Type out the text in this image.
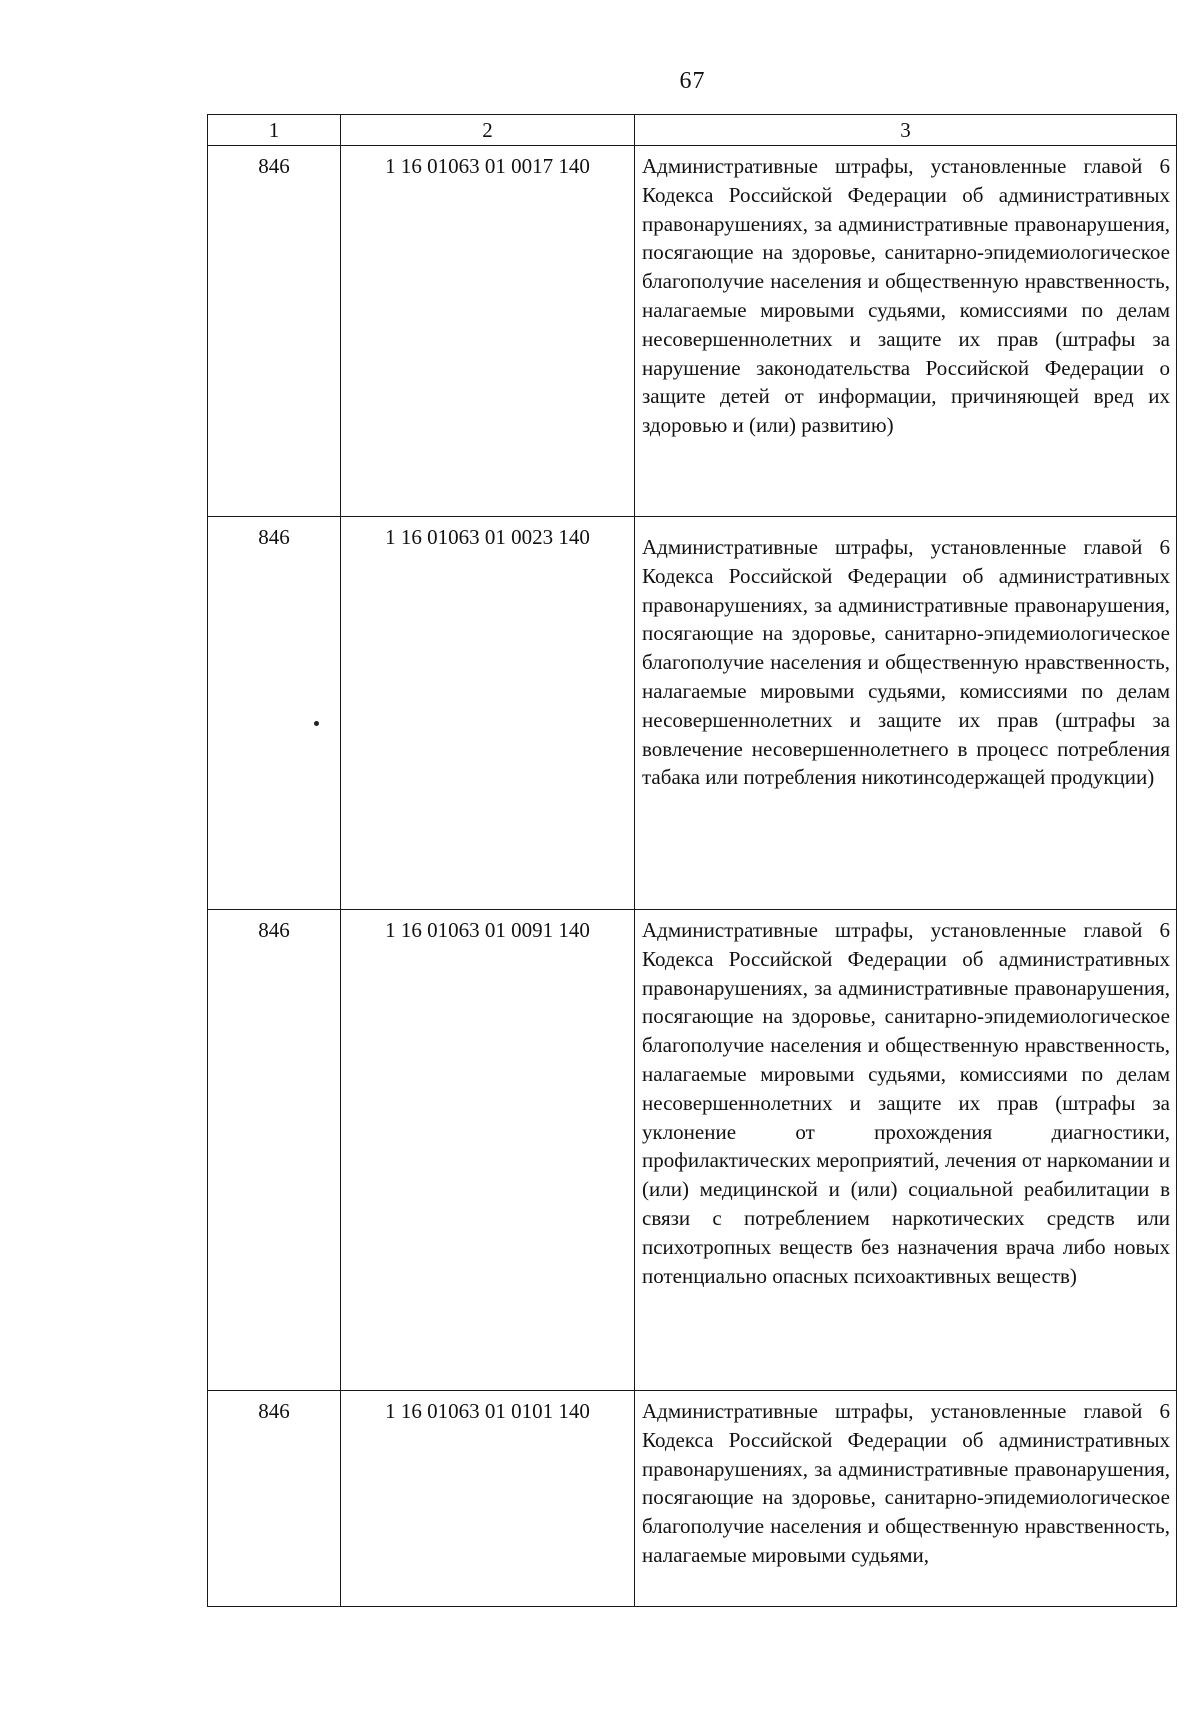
67
1	2	3
846	1 16 01063 01 0017 140	Административные штрафы, установленные главой 6 Кодекса Российской Федерации об административных правонарушениях, за административные правонарушения, посягающие на здоровье, санитарно-эпидемиологическое благополучие населения и общественную нравственность, налагаемые мировыми судьями, комиссиями по делам несовершеннолетних и защите их прав (штрафы за нарушение законодательства Российской Федерации о защите детей от информации, причиняющей вред их здоровью и (или) развитию)
846	1 16 01063 01 0023 140	Административные штрафы, установленные главой 6 Кодекса Российской Федерации об административных правонарушениях, за административные правонарушения, посягающие на здоровье, санитарно-эпидемиологическое благополучие населения и общественную нравственность, налагаемые мировыми судьями, комиссиями по делам несовершеннолетних и защите их прав (штрафы за вовлечение несовершеннолетнего в процесс потребления табака или потребления никотинсодержащей продукции)
846	1 16 01063 01 0091 140	Административные штрафы, установленные главой 6 Кодекса Российской Федерации об административных правонарушениях, за административные правонарушения, посягающие на здоровье, санитарно-эпидемиологическое благополучие населения и общественную нравственность, налагаемые мировыми судьями, комиссиями по делам несовершеннолетних и защите их прав (штрафы за уклонение от прохождения диагностики, профилактических мероприятий, лечения от наркомании и (или) медицинской и (или) социальной реабилитации в связи с потреблением наркотических средств или психотропных веществ без назначения врача либо новых потенциально опасных психоактивных веществ)
846	1 16 01063 01 0101 140	Административные штрафы, установленные главой 6 Кодекса Российской Федерации об административных правонарушениях, за административные правонарушения, посягающие на здоровье, санитарно-эпидемиологическое благополучие населения и общественную нравственность, налагаемые мировыми судьями,
